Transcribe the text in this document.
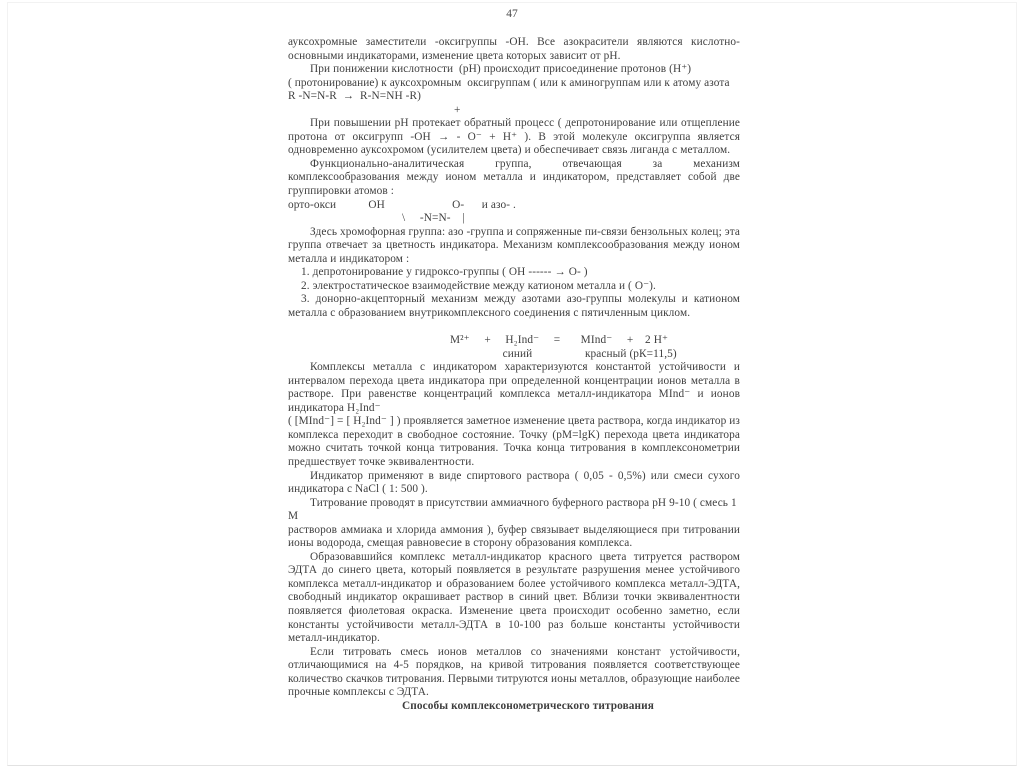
47

ауксохромные заместители -оксигруппы -ОН. Все азокрасители являются кислотно-основными индикаторами, изменение цвета которых зависит от рН.

При понижении кислотности  (рН) происходит присоединение протонов (Н⁺)
( протонирование) к ауксохромным  оксигруппам ( или к аминогруппам или к атому азота
R -N=N-R  →  R-N=NH -R)
+

При повышении рН протекает обратный процесс ( депротонирование или отщепление протона от оксигрупп -ОН → - О⁻ + Н⁺ ). В этой молекуле оксигруппа является одновременно ауксохромом (усилителем цвета) и обеспечивает связь лиганда с металлом.

Функционально-аналитическая группа, отвечающая за механизм комплексообразования между ионом металла и индикатором, представляет собой две группировки атомов :

орто-окси           ОН                       О-      и азо- .
\     -N=N-    |

Здесь хромофорная группа: азо -группа и сопряженные пи-связи бензольных колец; эта группа отвечает за цветность индикатора. Механизм комплексообразования между ионом металла и индикатором :

1. депротонирование у гидроксо-группы ( ОН ------ → О- )

2. электростатическое взаимодействие между катионом металла и ( О⁻).

3. донорно-акцепторный механизм между азотами азо-группы молекулы и катионом металла с образованием внутрикомплексного соединения с пятичленным циклом.

M²⁺     +     H₂Ind⁻     =       MInd⁻     +    2 Н⁺
синий                  красный (рК=11,5)

Комплексы металла с индикатором характеризуются константой устойчивости и интервалом перехода цвета индикатора при определенной концентрации ионов металла в растворе. При равенстве концентраций комплекса металл-индикатора MInd⁻ и ионов индикатора H₂Ind⁻

( [MInd⁻] = [ H₂Ind⁻ ] ) проявляется заметное изменение цвета раствора, когда индикатор из комплекса переходит в свободное состояние. Точку (pM=lgK) перехода цвета индикатора можно считать точкой конца титрования. Точка конца титрования в комплексонометрии предшествует точке эквивалентности.

Индикатор применяют в виде спиртового раствора ( 0,05 - 0,5%) или смеси сухого индикатора с NaCl ( 1: 500 ).

Титрование проводят в присутствии аммиачного буферного раствора рН 9-10 ( смесь 1

М

растворов аммиака и хлорида аммония ), буфер связывает выделяющиеся при титровании ионы водорода, смещая равновесие в сторону образования комплекса.

Образовавшийся комплекс металл-индикатор красного цвета титруется раствором ЭДТА до синего цвета, который появляется в результате разрушения менее устойчивого комплекса металл-индикатор и образованием более устойчивого комплекса металл-ЭДТА, свободный индикатор окрашивает раствор в синий цвет. Вблизи точки эквивалентности появляется фиолетовая окраска. Изменение цвета происходит особенно заметно, если константы устойчивости металл-ЭДТА в 10-100 раз больше константы устойчивости металл-индикатор.

Если титровать смесь ионов металлов со значениями констант устойчивости, отличающимися на 4-5 порядков, на кривой титрования появляется соответствующее количество скачков титрования. Первыми титруются ионы металлов, образующие наиболее прочные комплексы с ЭДТА.

Способы комплексонометрического титрования
